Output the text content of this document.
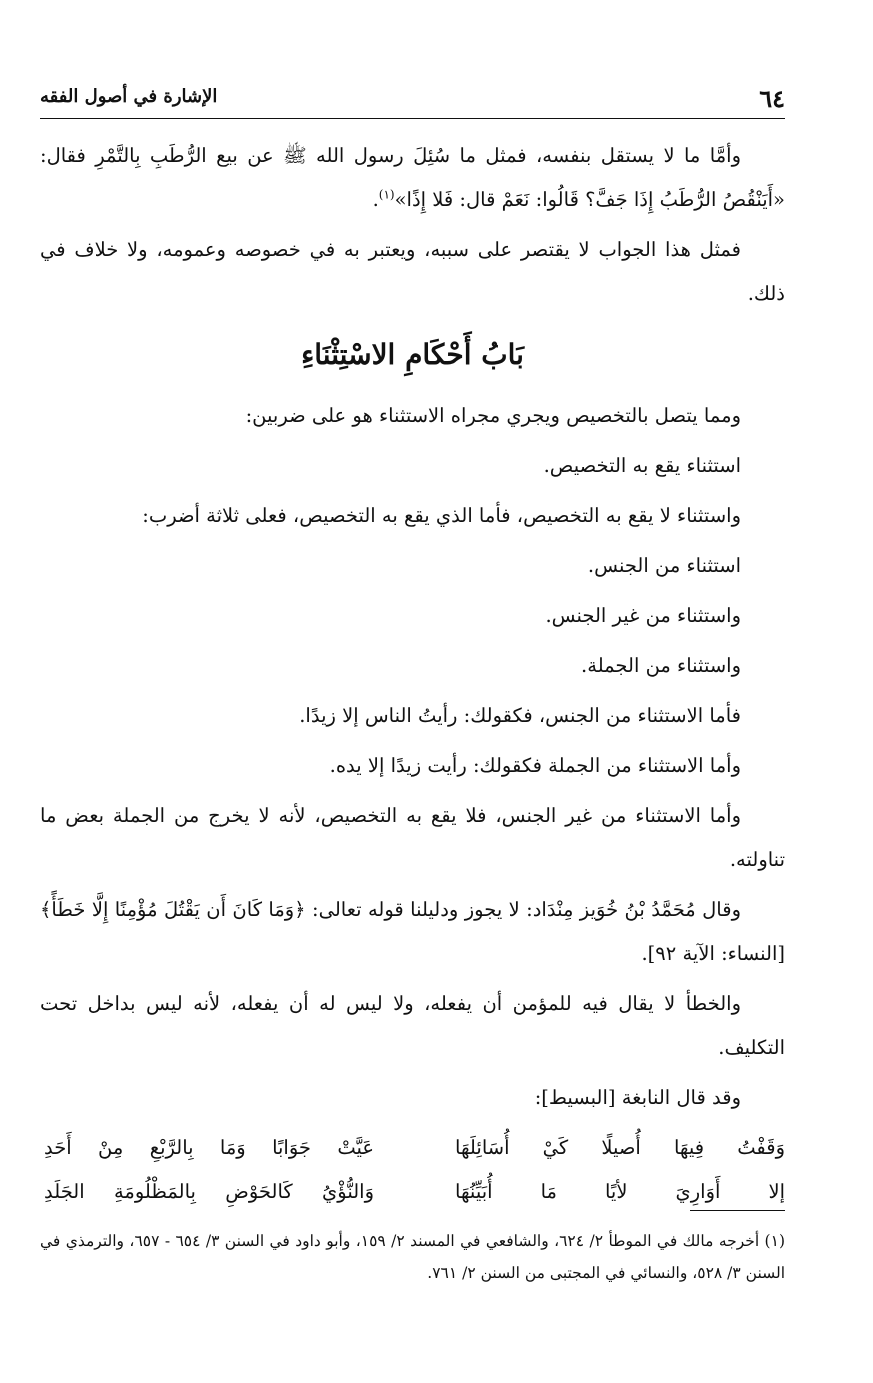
٦٤
الإشارة في أصول الفقه

وأمَّا ما لا يستقل بنفسه، فمثل ما سُئِلَ رسول الله ﷺ عن بيع الرُّطَبِ بِالتَّمْرِ فقال: «أَيَنْقُصُ الرُّطَبُ إِذَا جَفَّ؟ قَالُوا: نَعَمْ قال: فَلا إِذًا»$^{(١)}$.

فمثل هذا الجواب لا يقتصر على سببه، ويعتبر به في خصوصه وعمومه، ولا خلاف في ذلك.

بَابُ أَحْكَامِ الاسْتِثْنَاءِ

ومما يتصل بالتخصيص ويجري مجراه الاستثناء هو على ضربين:

استثناء يقع به التخصيص.

واستثناء لا يقع به التخصيص، فأما الذي يقع به التخصيص، فعلى ثلاثة أضرب:

استثناء من الجنس.

واستثناء من غير الجنس.

واستثناء من الجملة.

فأما الاستثناء من الجنس، فكقولك: رأيتُ الناس إلا زيدًا.

وأما الاستثناء من الجملة فكقولك: رأيت زيدًا إلا يده.

وأما الاستثناء من غير الجنس، فلا يقع به التخصيص، لأنه لا يخرج من الجملة بعض ما تناولته.

وقال مُحَمَّدُ بْنُ خُوَيز مِنْدَاد: لا يجوز ودليلنا قوله تعالى: ﴿وَمَا كَانَ أَن يَقْتُلَ مُؤْمِنًا إِلَّا خَطَأً﴾ [النساء: الآية ٩٢].

والخطأ لا يقال فيه للمؤمن أن يفعله، ولا ليس له أن يفعله، لأنه ليس بداخل تحت التكليف.

وقد قال النابغة [البسيط]:

وَقَفْتُ فِيهَا أُصيلًا كَيْ أُسَائِلَهَا
عَيَّتْ جَوَابًا وَمَا بِالرَّبْعِ مِنْ أَحَدِ
إلا أَوَارِيَ لأيًا مَا أُبَيِّنُهَا
وَالنُّؤْيُ كَالحَوْضِ بِالمَظْلُومَةِ الجَلَدِ

(١) أخرجه مالك في الموطأ ٢/ ٦٢٤، والشافعي في المسند ٢/ ١٥٩، وأبو داود في السنن ٣/ ٦٥٤ - ٦٥٧، والترمذي في السنن ٣/ ٥٢٨، والنسائي في المجتبى من السنن ٢/ ٧٦١.
